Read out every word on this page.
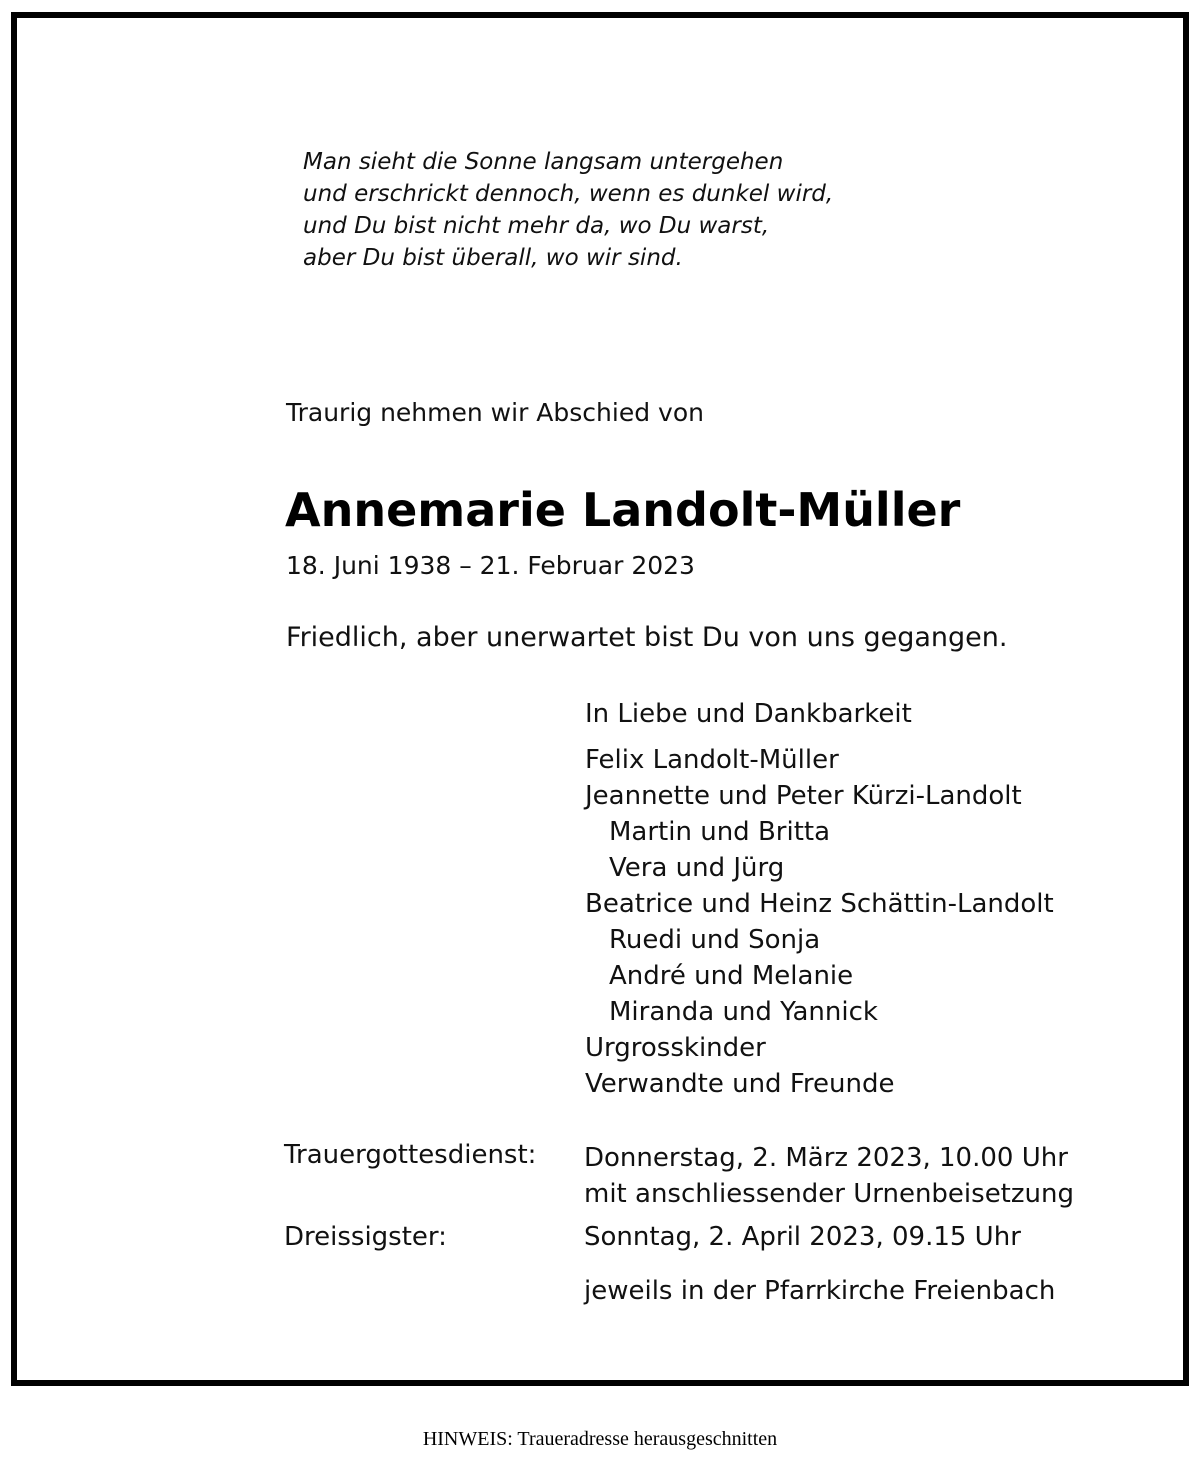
Man sieht die Sonne langsam untergehen
und erschrickt dennoch, wenn es dunkel wird,
und Du bist nicht mehr da, wo Du warst,
aber Du bist überall, wo wir sind.
Traurig nehmen wir Abschied von
Annemarie Landolt-Müller
18. Juni 1938 – 21. Februar 2023
Friedlich, aber unerwartet bist Du von uns gegangen.
In Liebe und Dankbarkeit
Felix Landolt-Müller
Jeannette und Peter Kürzi-Landolt
Martin und Britta
Vera und Jürg
Beatrice und Heinz Schättin-Landolt
Ruedi und Sonja
André und Melanie
Miranda und Yannick
Urgrosskinder
Verwandte und Freunde
Trauergottesdienst: Donnerstag, 2. März 2023, 10.00 Uhr
mit anschliessender Urnenbeisetzung
Dreissigster:	Sonntag, 2. April 2023, 09.15 Uhr
jeweils in der Pfarrkirche Freienbach
HINWEIS: Traueradresse herausgeschnitten
